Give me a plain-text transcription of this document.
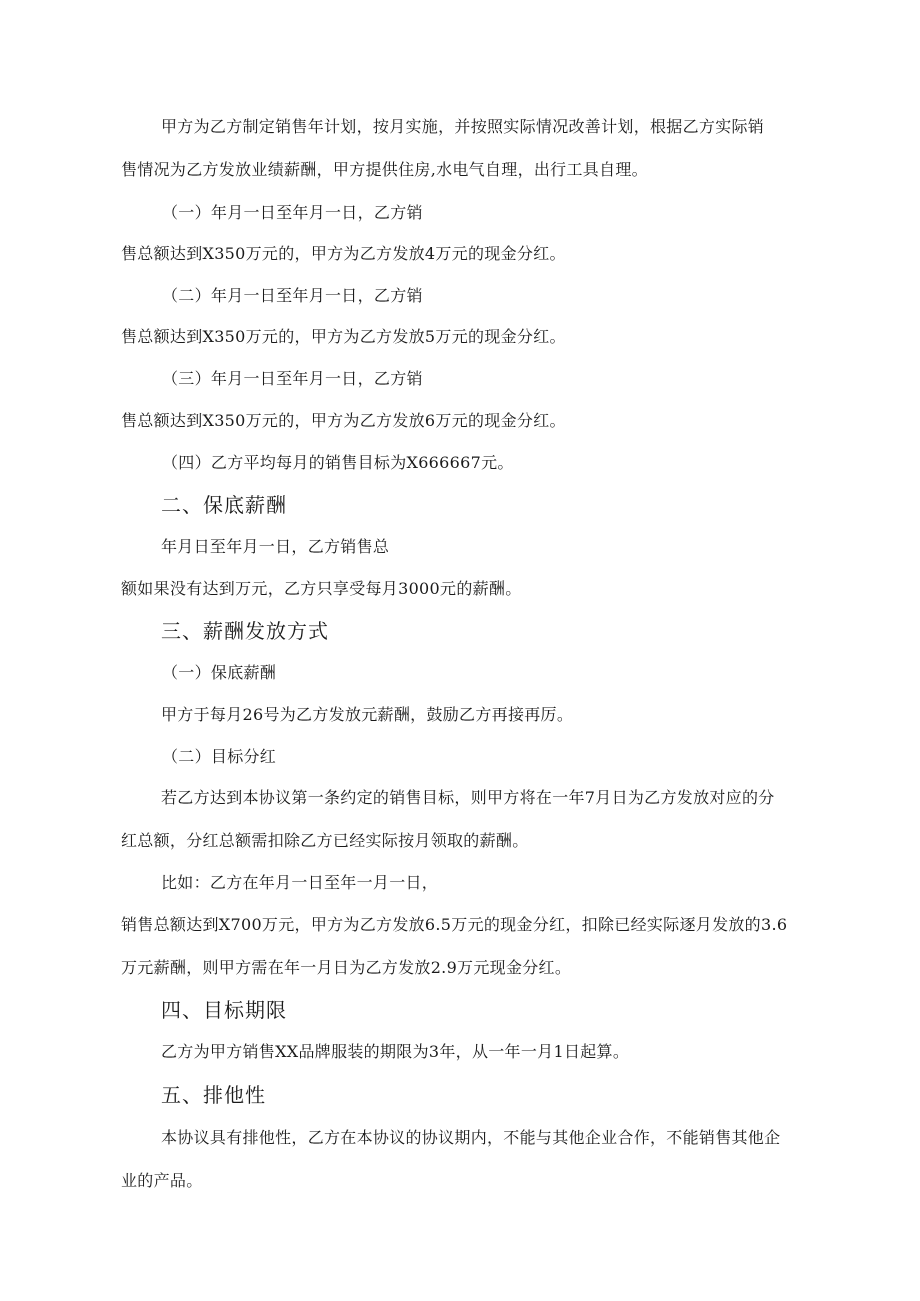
甲方为乙方制定销售年计划，按月实施，并按照实际情况改善计划，根据乙方实际销
售情况为乙方发放业绩薪酬，甲方提供住房,水电气自理，出行工具自理。
（一）年月一日至年月一日，乙方销
售总额达到X350万元的，甲方为乙方发放4万元的现金分红。
（二）年月一日至年月一日，乙方销
售总额达到X350万元的，甲方为乙方发放5万元的现金分红。
（三）年月一日至年月一日，乙方销
售总额达到X350万元的，甲方为乙方发放6万元的现金分红。
（四）乙方平均每月的销售目标为X666667元。
二、保底薪酬
年月日至年月一日，乙方销售总
额如果没有达到万元，乙方只享受每月3000元的薪酬。
三、薪酬发放方式
（一）保底薪酬
甲方于每月26号为乙方发放元薪酬，鼓励乙方再接再厉。
（二）目标分红
若乙方达到本协议第一条约定的销售目标，则甲方将在一年7月日为乙方发放对应的分
红总额，分红总额需扣除乙方已经实际按月领取的薪酬。
比如：乙方在年月一日至年一月一日，
销售总额达到X700万元，甲方为乙方发放6.5万元的现金分红，扣除已经实际逐月发放的3.6
万元薪酬，则甲方需在年一月日为乙方发放2.9万元现金分红。
四、目标期限
乙方为甲方销售XX品牌服装的期限为3年，从一年一月1日起算。
五、排他性
本协议具有排他性，乙方在本协议的协议期内，不能与其他企业合作，不能销售其他企
业的产品。
